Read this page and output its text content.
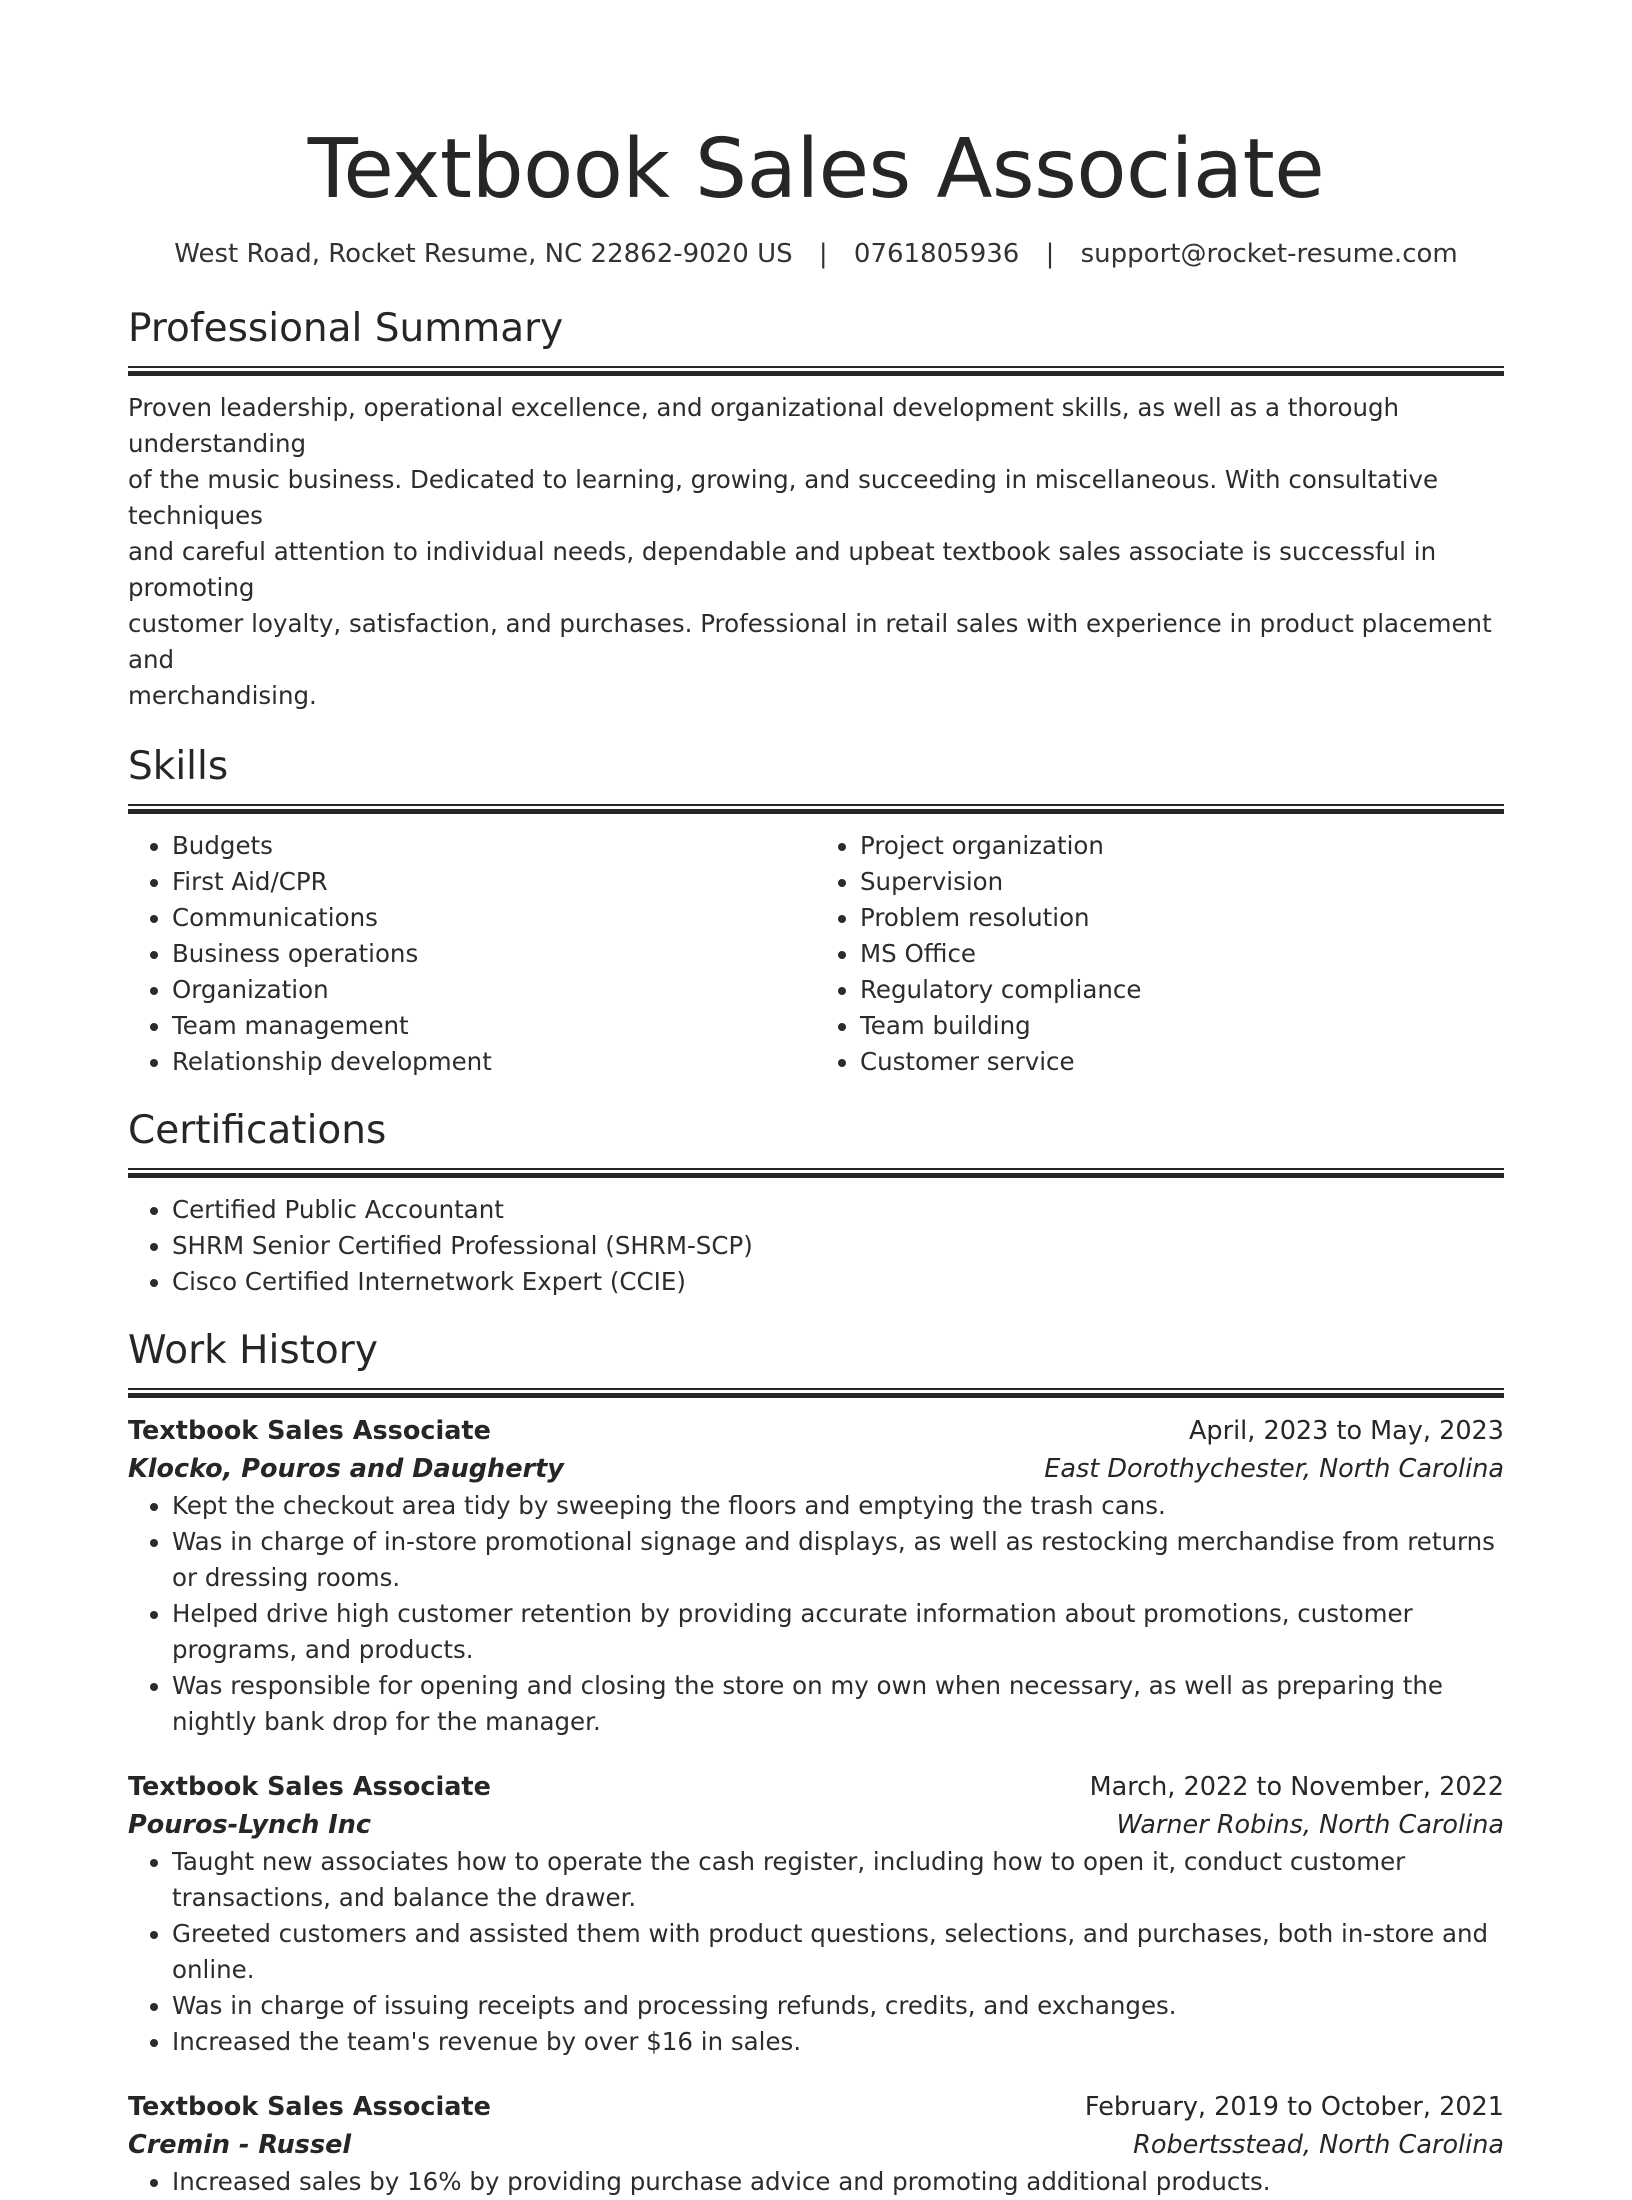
Textbook Sales Associate
West Road, Rocket Resume, NC 22862-9020 US | 0761805936 | support@rocket-resume.com
Professional Summary
Proven leadership, operational excellence, and organizational development skills, as well as a thorough understanding
of the music business. Dedicated to learning, growing, and succeeding in miscellaneous. With consultative techniques
and careful attention to individual needs, dependable and upbeat textbook sales associate is successful in promoting
customer loyalty, satisfaction, and purchases. Professional in retail sales with experience in product placement and
merchandising.
Skills
• Budgets
• First Aid/CPR
• Communications
• Business operations
• Organization
• Team management
• Relationship development
• Project organization
• Supervision
• Problem resolution
• MS Office
• Regulatory compliance
• Team building
• Customer service
Certifications
• Certified Public Accountant
• SHRM Senior Certified Professional (SHRM-SCP)
• Cisco Certified Internetwork Expert (CCIE)
Work History
Textbook Sales Associate	April, 2023 to May, 2023
Klocko, Pouros and Daugherty	East Dorothychester, North Carolina
• Kept the checkout area tidy by sweeping the floors and emptying the trash cans.
• Was in charge of in-store promotional signage and displays, as well as restocking merchandise from returns or dressing rooms.
• Helped drive high customer retention by providing accurate information about promotions, customer programs, and products.
• Was responsible for opening and closing the store on my own when necessary, as well as preparing the nightly bank drop for the manager.
Textbook Sales Associate	March, 2022 to November, 2022
Pouros-Lynch Inc	Warner Robins, North Carolina
• Taught new associates how to operate the cash register, including how to open it, conduct customer transactions, and balance the drawer.
• Greeted customers and assisted them with product questions, selections, and purchases, both in-store and online.
• Was in charge of issuing receipts and processing refunds, credits, and exchanges.
• Increased the team's revenue by over $16 in sales.
Textbook Sales Associate	February, 2019 to October, 2021
Cremin - Russel	Robertsstead, North Carolina
• Increased sales by 16% by providing purchase advice and promoting additional products.
